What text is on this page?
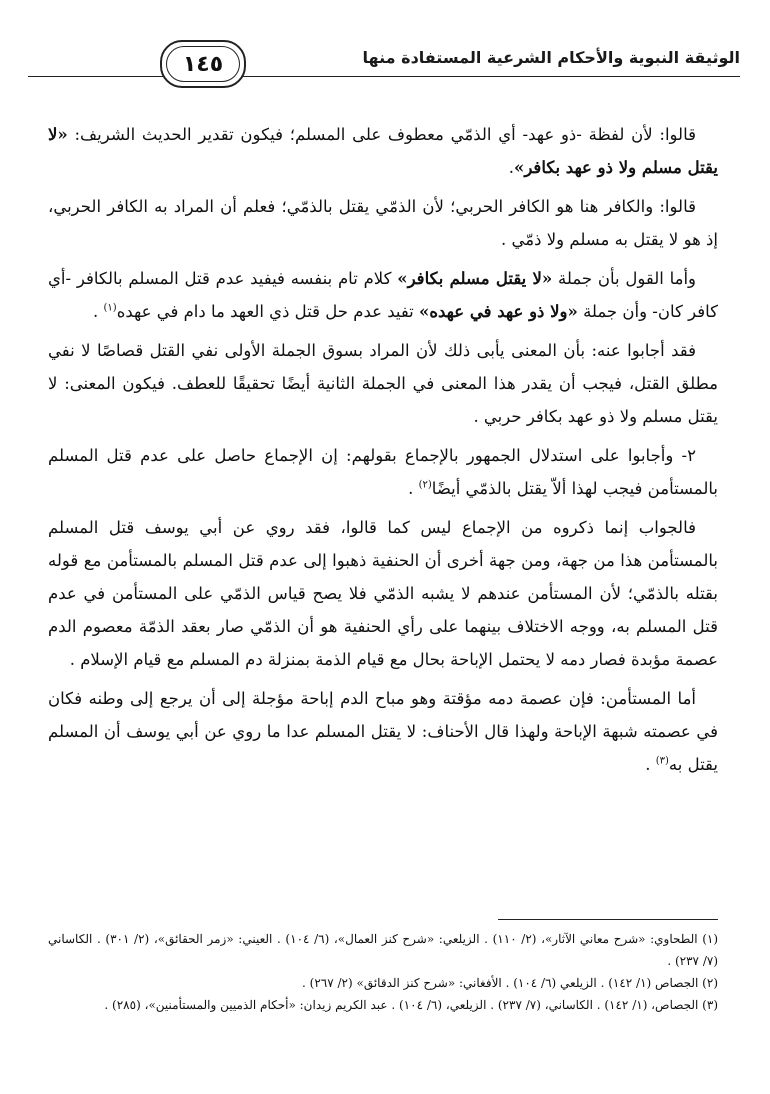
الوثيقة النبوية والأحكام الشرعية المستفادة منها
١٤٥

قالوا: لأن لفظة -ذو عهد- أي الذمّي معطوف على المسلم؛ فيكون تقدير الحديث الشريف: «لا يقتل مسلم ولا ذو عهد بكافر».

قالوا: والكافر هنا هو الكافر الحربي؛ لأن الذمّي يقتل بالذمّي؛ فعلم أن المراد به الكافر الحربي، إذ هو لا يقتل به مسلم ولا ذمّي .

وأما القول بأن جملة «لا يقتل مسلم بكافر» كلام تام بنفسه فيفيد عدم قتل المسلم بالكافر -أي كافر كان- وأن جملة «ولا ذو عهد في عهده» تفيد عدم حل قتل ذي العهد ما دام في عهده$^{(١)}$ .

فقد أجابوا عنه: بأن المعنى يأبى ذلك لأن المراد بسوق الجملة الأولى نفي القتل قصاصًا لا نفي مطلق القتل، فيجب أن يقدر هذا المعنى في الجملة الثانية أيضًا تحقيقًا للعطف. فيكون المعنى: لا يقتل مسلم ولا ذو عهد بكافر حربي .

٢- وأجابوا على استدلال الجمهور بالإجماع بقولهم: إن الإجماع حاصل على عدم قتل المسلم بالمستأمن فيجب لهذا ألاّ يقتل بالذمّي أيضًا$^{(٢)}$ .

فالجواب إنما ذكروه من الإجماع ليس كما قالوا، فقد روي عن أبي يوسف قتل المسلم بالمستأمن هذا من جهة، ومن جهة أخرى أن الحنفية ذهبوا إلى عدم قتل المسلم بالمستأمن مع قوله بقتله بالذمّي؛ لأن المستأمن عندهم لا يشبه الذمّي فلا يصح قياس الذمّي على المستأمن في عدم قتل المسلم به، ووجه الاختلاف بينهما على رأي الحنفية هو أن الذمّي صار بعقد الذمّة معصوم الدم عصمة مؤبدة فصار دمه لا يحتمل الإباحة بحال مع قيام الذمة بمنزلة دم المسلم مع قيام الإسلام .

أما المستأمن: فإن عصمة دمه مؤقتة وهو مباح الدم إباحة مؤجلة إلى أن يرجع إلى وطنه فكان في عصمته شبهة الإباحة ولهذا قال الأحناف: لا يقتل المسلم عدا ما روي عن أبي يوسف أن المسلم يقتل به$^{(٣)}$ .

(١) الطحاوي: «شرح معاني الآثار»، (٢/ ١١٠) . الزيلعي: «شرح كنز العمال»، (٦/ ١٠٤) . العيني: «زمر الحقائق»، (٢/ ٣٠١) . الكاساني (٧/ ٢٣٧) .

(٢) الجصاص (١/ ١٤٢) . الزيلعي (٦/ ١٠٤) . الأفغاني: «شرح كنز الدقائق» (٢/ ٢٦٧) .

(٣) الجصاص، (١/ ١٤٢) . الكاساني، (٧/ ٢٣٧) . الزيلعي، (٦/ ١٠٤) . عبد الكريم زيدان: «أحكام الذميين والمستأمنين»، (٢٨٥) .
